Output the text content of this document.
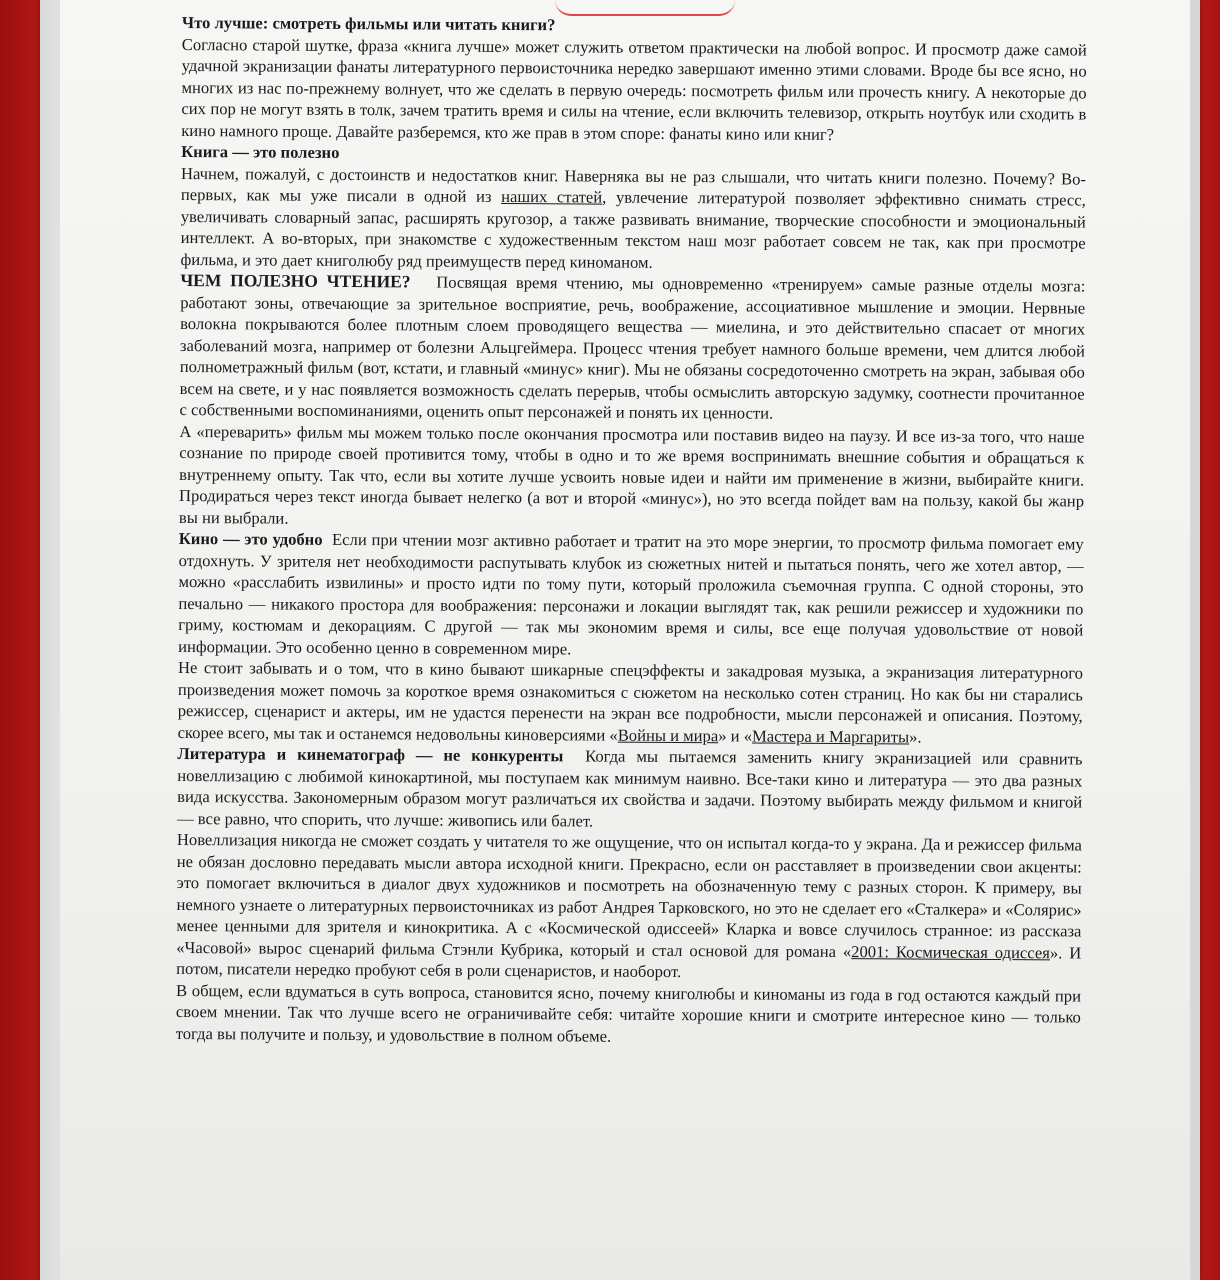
Что лучше: смотреть фильмы или читать книги?

Согласно старой шутке, фраза «книга лучше» может служить ответом практически на любой вопрос. И просмотр даже самой удачной экранизации фанаты литературного первоисточника нередко завершают именно этими словами. Вроде бы все ясно, но многих из нас по-прежнему волнует, что же сделать в первую очередь: посмотреть фильм или прочесть книгу. А некоторые до сих пор не могут взять в толк, зачем тратить время и силы на чтение, если включить телевизор, открыть ноутбук или сходить в кино намного проще. Давайте разберемся, кто же прав в этом споре: фанаты кино или книг?

Книга — это полезно

Начнем, пожалуй, с достоинств и недостатков книг. Наверняка вы не раз слышали, что читать книги полезно. Почему? Во-первых, как мы уже писали в одной из наших статей, увлечение литературой позволяет эффективно снимать стресс, увеличивать словарный запас, расширять кругозор, а также развивать внимание, творческие способности и эмоциональный интеллект. А во-вторых, при знакомстве с художественным текстом наш мозг работает совсем не так, как при просмотре фильма, и это дает книголюбу ряд преимуществ перед киноманом.

ЧЕМ ПОЛЕЗНО ЧТЕНИЕ? Посвящая время чтению, мы одновременно «тренируем» самые разные отделы мозга: работают зоны, отвечающие за зрительное восприятие, речь, воображение, ассоциативное мышление и эмоции. Нервные волокна покрываются более плотным слоем проводящего вещества — миелина, и это действительно спасает от многих заболеваний мозга, например от болезни Альцгеймера. Процесс чтения требует намного больше времени, чем длится любой полнометражный фильм (вот, кстати, и главный «минус» книг). Мы не обязаны сосредоточенно смотреть на экран, забывая обо всем на свете, и у нас появляется возможность сделать перерыв, чтобы осмыслить авторскую задумку, соотнести прочитанное с собственными воспоминаниями, оценить опыт персонажей и понять их ценности.

А «переварить» фильм мы можем только после окончания просмотра или поставив видео на паузу. И все из-за того, что наше сознание по природе своей противится тому, чтобы в одно и то же время воспринимать внешние события и обращаться к внутреннему опыту. Так что, если вы хотите лучше усвоить новые идеи и найти им применение в жизни, выбирайте книги. Продираться через текст иногда бывает нелегко (а вот и второй «минус»), но это всегда пойдет вам на пользу, какой бы жанр вы ни выбрали.

Кино — это удобно Если при чтении мозг активно работает и тратит на это море энергии, то просмотр фильма помогает ему отдохнуть. У зрителя нет необходимости распутывать клубок из сюжетных нитей и пытаться понять, чего же хотел автор, — можно «расслабить извилины» и просто идти по тому пути, который проложила съемочная группа. С одной стороны, это печально — никакого простора для воображения: персонажи и локации выглядят так, как решили режиссер и художники по гриму, костюмам и декорациям. С другой — так мы экономим время и силы, все еще получая удовольствие от новой информации. Это особенно ценно в современном мире.

Не стоит забывать и о том, что в кино бывают шикарные спецэффекты и закадровая музыка, а экранизация литературного произведения может помочь за короткое время ознакомиться с сюжетом на несколько сотен страниц. Но как бы ни старались режиссер, сценарист и актеры, им не удастся перенести на экран все подробности, мысли персонажей и описания. Поэтому, скорее всего, мы так и останемся недовольны киноверсиями «Войны и мира» и «Мастера и Маргариты».

Литература и кинематограф — не конкуренты Когда мы пытаемся заменить книгу экранизацией или сравнить новеллизацию с любимой кинокартиной, мы поступаем как минимум наивно. Все-таки кино и литература — это два разных вида искусства. Закономерным образом могут различаться их свойства и задачи. Поэтому выбирать между фильмом и книгой — все равно, что спорить, что лучше: живопись или балет.

Новеллизация никогда не сможет создать у читателя то же ощущение, что он испытал когда-то у экрана. Да и режиссер фильма не обязан дословно передавать мысли автора исходной книги. Прекрасно, если он расставляет в произведении свои акценты: это помогает включиться в диалог двух художников и посмотреть на обозначенную тему с разных сторон. К примеру, вы немного узнаете о литературных первоисточниках из работ Андрея Тарковского, но это не сделает его «Сталкера» и «Солярис» менее ценными для зрителя и кинокритика. А с «Космической одиссеей» Кларка и вовсе случилось странное: из рассказа «Часовой» вырос сценарий фильма Стэнли Кубрика, который и стал основой для романа «2001: Космическая одиссея». И потом, писатели нередко пробуют себя в роли сценаристов, и наоборот.

В общем, если вдуматься в суть вопроса, становится ясно, почему книголюбы и киноманы из года в год остаются каждый при своем мнении. Так что лучше всего не ограничивайте себя: читайте хорошие книги и смотрите интересное кино — только тогда вы получите и пользу, и удовольствие в полном объеме.
